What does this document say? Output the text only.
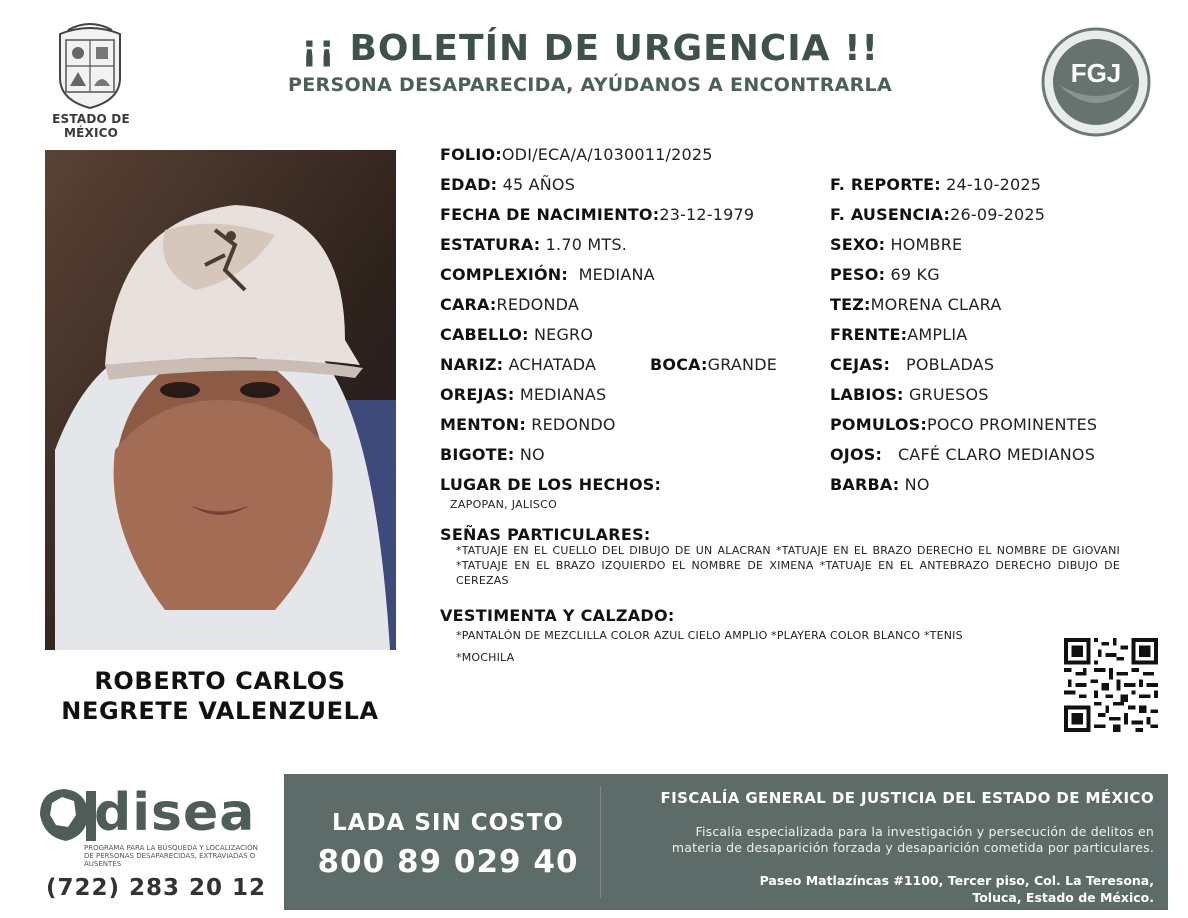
ESTADO DE MÉXICO
¡¡ BOLETÍN DE URGENCIA !!
PERSONA DESAPARECIDA, AYÚDANOS A ENCONTRARLA	FGJ
ROBERTO CARLOS
NEGRETE VALENZUELA
FOLIO:ODI/ECA/A/1030011/2025
EDAD: 45 AÑOS
FECHA DE NACIMIENTO:23-12-1979
ESTATURA: 1.70 MTS.
COMPLEXIÓN: MEDIANA
CARA:REDONDA
CABELLO: NEGRO
NARIZ: ACHATADA	BOCA:GRANDE
OREJAS: MEDIANAS
MENTON: REDONDO
BIGOTE: NO
LUGAR DE LOS HECHOS:
ZAPOPAN, JALISCO
F. REPORTE: 24-10-2025
F. AUSENCIA:26-09-2025
SEXO: HOMBRE
PESO: 69 KG
TEZ:MORENA CLARA
FRENTE:AMPLIA
CEJAS: POBLADAS
LABIOS: GRUESOS
POMULOS:POCO PROMINENTES
OJOS: CAFÉ CLARO MEDIANOS
BARBA: NO
SEÑAS PARTICULARES:
*TATUAJE EN EL CUELLO DEL DIBUJO DE UN ALACRAN *TATUAJE EN EL BRAZO DERECHO EL NOMBRE DE GIOVANI *TATUAJE EN EL BRAZO IZQUIERDO EL NOMBRE DE XIMENA *TATUAJE EN EL ANTEBRAZO DERECHO DIBUJO DE CEREZAS
VESTIMENTA Y CALZADO:
*PANTALÓN DE MEZCLILLA COLOR AZUL CIELO AMPLIO *PLAYERA COLOR BLANCO *TENIS
*MOCHILA
disea
PROGRAMA PARA LA BÚSQUEDA Y LOCALIZACIÓN DE PERSONAS DESAPARECIDAS, EXTRAVIADAS O AUSENTES
(722) 283 20 12
LADA SIN COSTO
800 89 029 40
FISCALÍA GENERAL DE JUSTICIA DEL ESTADO DE MÉXICO
Fiscalía especializada para la investigación y persecución de delitos en
materia de desaparición forzada y desaparición cometida por particulares.
Paseo Matlazíncas #1100, Tercer piso, Col. La Teresona,
Toluca, Estado de México.
